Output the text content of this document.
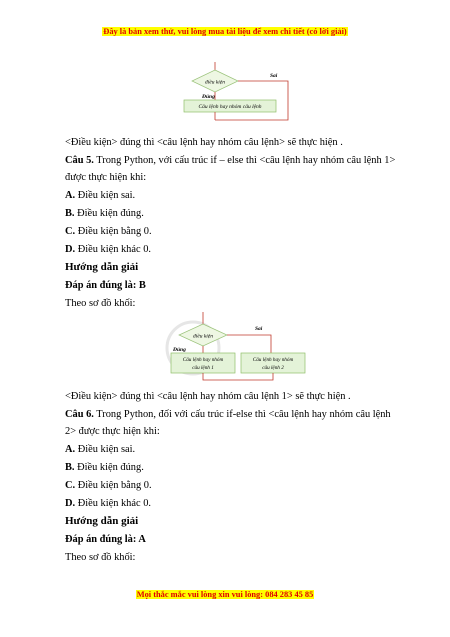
Đây là bản xem thử, vui lòng mua tài liệu để xem chi tiết (có lời giải)
điều kiện
Sai
Đúng
Câu lệnh hay nhóm câu lệnh
<Điều kiện> đúng thì <câu lệnh hay nhóm câu lệnh> sẽ thực hiện .
Câu 5. Trong Python, với cấu trúc if – else thì <câu lệnh hay nhóm câu lệnh 1>
được thực hiện khi:
A. Điều kiện sai.
B. Điều kiện đúng.
C. Điều kiện bằng 0.
D. Điều kiện khác 0.
Hướng dẫn giải
Đáp án đúng là: B
Theo sơ đồ khối:
điều kiện
Sai
Đúng
Câu lệnh hay nhóm
câu lệnh 1
Câu lệnh hay nhóm
câu lệnh 2
<Điều kiện> đúng thì <câu lệnh hay nhóm câu lệnh 1> sẽ thực hiện .
Câu 6. Trong Python, đối với cấu trúc if-else thì <câu lệnh hay nhóm câu lệnh
2> được thực hiện khi:
A. Điều kiện sai.
B. Điều kiện đúng.
C. Điều kiện bằng 0.
D. Điều kiện khác 0.
Hướng dẫn giải
Đáp án đúng là: A
Theo sơ đồ khối:
Mọi thắc mắc vui lòng xin vui lòng: 084 283 45 85
